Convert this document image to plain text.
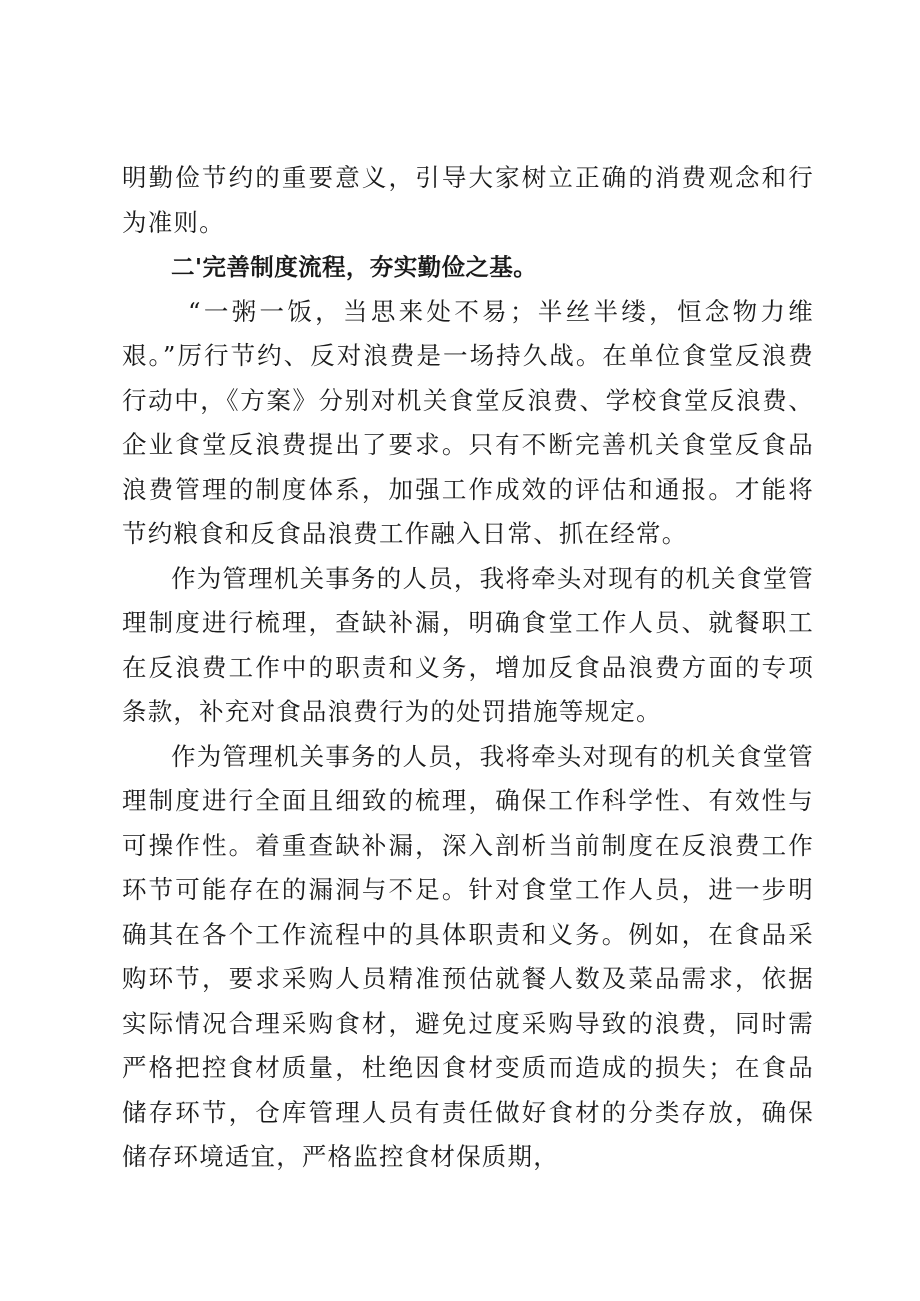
明勤俭节约的重要意义，引导大家树立正确的消费观念和行为准则。

二'完善制度流程，夯实勤俭之基。

“一粥一饭，当思来处不易；半丝半缕，恒念物力维艰。”厉行节约、反对浪费是一场持久战。在单位食堂反浪费行动中，《方案》分别对机关食堂反浪费、学校食堂反浪费、企业食堂反浪费提出了要求。只有不断完善机关食堂反食品浪费管理的制度体系，加强工作成效的评估和通报。才能将节约粮食和反食品浪费工作融入日常、抓在经常。

作为管理机关事务的人员，我将牵头对现有的机关食堂管理制度进行梳理，查缺补漏，明确食堂工作人员、就餐职工在反浪费工作中的职责和义务，增加反食品浪费方面的专项条款，补充对食品浪费行为的处罚措施等规定。

作为管理机关事务的人员，我将牵头对现有的机关食堂管理制度进行全面且细致的梳理，确保工作科学性、有效性与可操作性。着重查缺补漏，深入剖析当前制度在反浪费工作环节可能存在的漏洞与不足。针对食堂工作人员，进一步明确其在各个工作流程中的具体职责和义务。例如，在食品采购环节，要求采购人员精准预估就餐人数及菜品需求，依据实际情况合理采购食材，避免过度采购导致的浪费，同时需严格把控食材质量，杜绝因食材变质而造成的损失；在食品储存环节，仓库管理人员有责任做好食材的分类存放，确保储存环境适宜，严格监控食材保质期，
